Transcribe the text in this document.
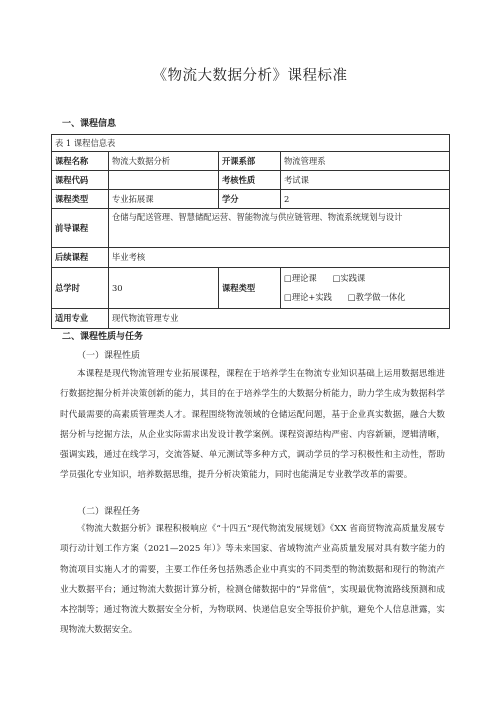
《物流大数据分析》课程标准
一、课程信息
表 1 课程信息表			
课程名称	物流大数据分析	开课系部	物流管理系
课程代码		考核性质	考试课
课程类型	专业拓展课	学分	2
前导课程	仓储与配送管理、智慧储配运营、智能物流与供应链管理、物流系统规划与设计		
后续课程	毕业考核		
总学时	30	课程类型	□理论课 □实践课
□理论+实践 □教学做一体化

适用专业	现代物流管理专业		
二、课程性质与任务
（一）课程性质

本课程是现代物流管理专业拓展课程，课程在于培养学生在物流专业知识基础上运用数据思维进行数据挖掘分析并决策创新的能力，其目的在于培养学生的大数据分析能力，助力学生成为数据科学时代最需要的高素质管理类人才。课程围绕物流领域的仓储运配问题，基于企业真实数据，融合大数据分析与挖掘方法，从企业实际需求出发设计教学案例。课程资源结构严密、内容新颖，逻辑清晰，强调实践，通过在线学习，交流答疑、单元测试等多种方式，调动学员的学习积极性和主动性，帮助学员强化专业知识，培养数据思维，提升分析决策能力，同时也能满足专业教学改革的需要。

（二）课程任务

《物流大数据分析》课程积极响应《“十四五”现代物流发展规划》《XX 省商贸物流高质量发展专项行动计划工作方案（2021—2025 年）》等未来国家、省域物流产业高质量发展对具有数字能力的物流项目实施人才的需要，主要工作任务包括熟悉企业中真实的不同类型的物流数据和现行的物流产业大数据平台；通过物流大数据计算分析，检测仓储数据中的“异常值”，实现最优物流路线预测和成本控制等；通过物流大数据安全分析，为物联网、快递信息安全等报价护航，避免个人信息泄露，实现物流大数据安全。
